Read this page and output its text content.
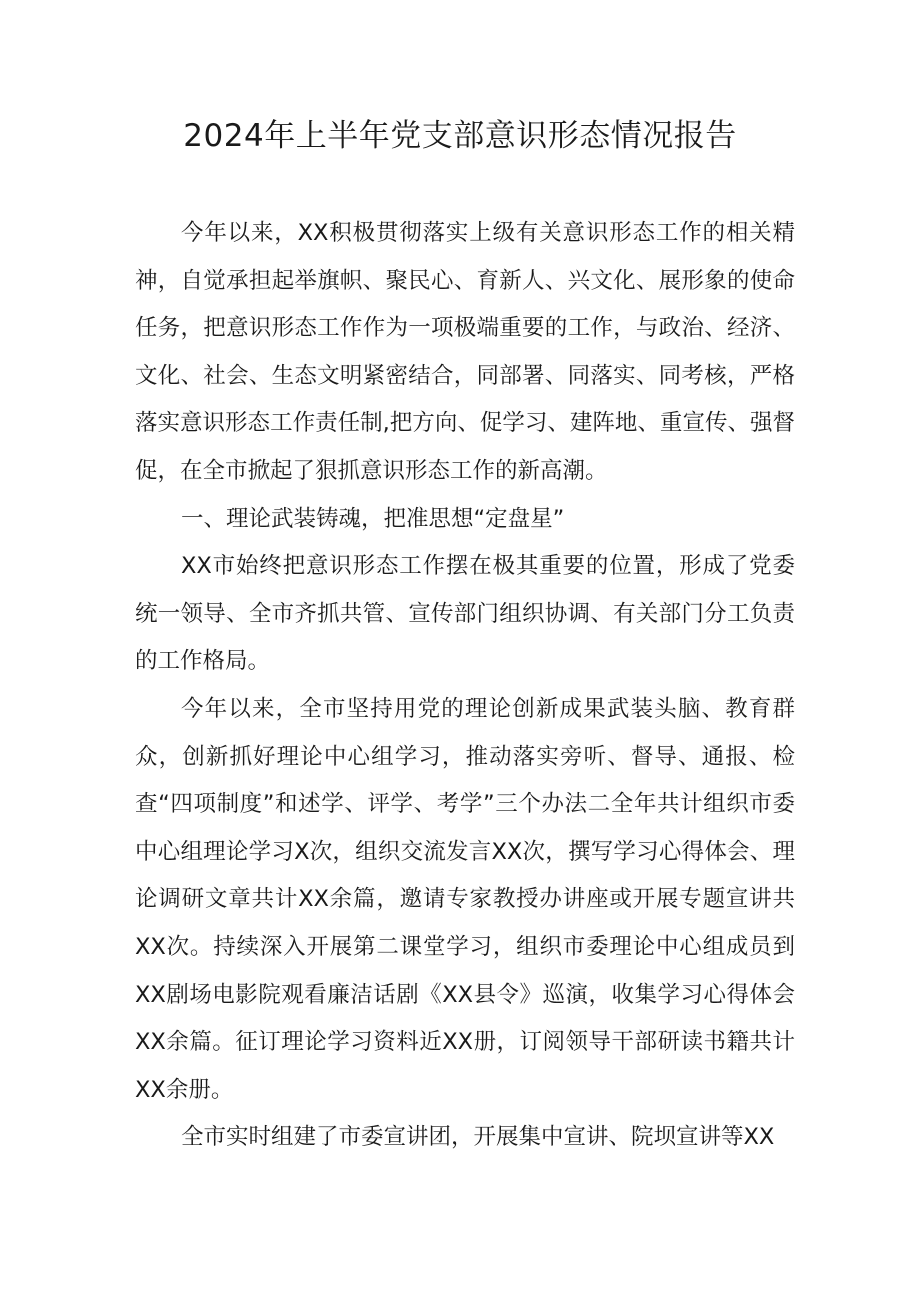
2024年上半年党支部意识形态情况报告

今年以来，XX积极贯彻落实上级有关意识形态工作的相关精神，自觉承担起举旗帜、聚民心、育新人、兴文化、展形象的使命任务，把意识形态工作作为一项极端重要的工作，与政治、经济、文化、社会、生态文明紧密结合，同部署、同落实、同考核，严格落实意识形态工作责任制,把方向、促学习、建阵地、重宣传、强督促，在全市掀起了狠抓意识形态工作的新高潮。

一、理论武装铸魂，把准思想“定盘星”

XX市始终把意识形态工作摆在极其重要的位置，形成了党委统一领导、全市齐抓共管、宣传部门组织协调、有关部门分工负责的工作格局。

今年以来，全市坚持用党的理论创新成果武装头脑、教育群众，创新抓好理论中心组学习，推动落实旁听、督导、通报、检查“四项制度”和述学、评学、考学”三个办法二全年共计组织市委中心组理论学习X次，组织交流发言XX次，撰写学习心得体会、理论调研文章共计XX余篇，邀请专家教授办讲座或开展专题宣讲共XX次。持续深入开展第二课堂学习，组织市委理论中心组成员到XX剧场电影院观看廉洁话剧《XX县令》巡演，收集学习心得体会XX余篇。征订理论学习资料近XX册，订阅领导干部研读书籍共计XX余册。

全市实时组建了市委宣讲团，开展集中宣讲、院坝宣讲等XX
